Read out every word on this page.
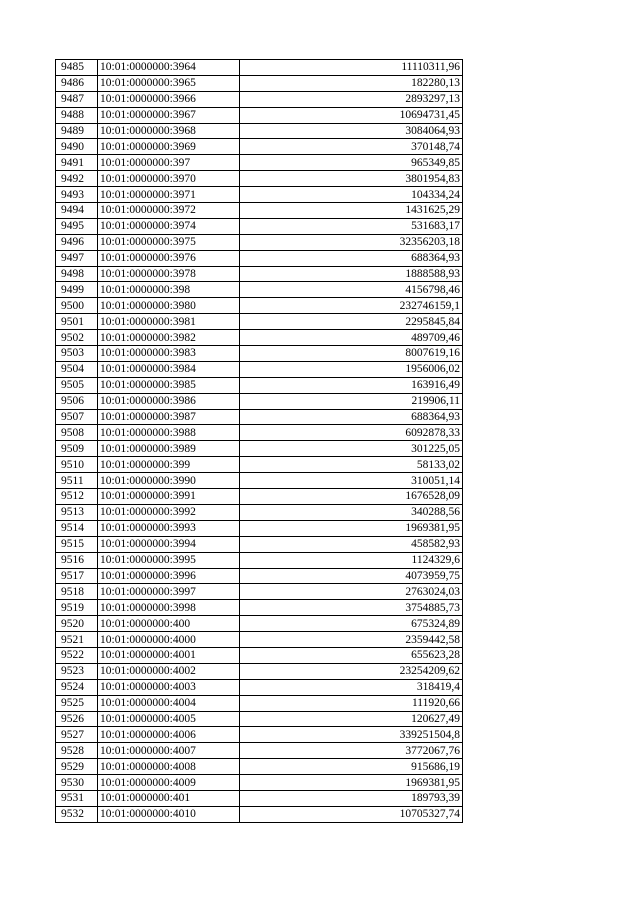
9485	10:01:0000000:3964	11110311,96
9486	10:01:0000000:3965	182280,13
9487	10:01:0000000:3966	2893297,13
9488	10:01:0000000:3967	10694731,45
9489	10:01:0000000:3968	3084064,93
9490	10:01:0000000:3969	370148,74
9491	10:01:0000000:397	965349,85
9492	10:01:0000000:3970	3801954,83
9493	10:01:0000000:3971	104334,24
9494	10:01:0000000:3972	1431625,29
9495	10:01:0000000:3974	531683,17
9496	10:01:0000000:3975	32356203,18
9497	10:01:0000000:3976	688364,93
9498	10:01:0000000:3978	1888588,93
9499	10:01:0000000:398	4156798,46
9500	10:01:0000000:3980	232746159,1
9501	10:01:0000000:3981	2295845,84
9502	10:01:0000000:3982	489709,46
9503	10:01:0000000:3983	8007619,16
9504	10:01:0000000:3984	1956006,02
9505	10:01:0000000:3985	163916,49
9506	10:01:0000000:3986	219906,11
9507	10:01:0000000:3987	688364,93
9508	10:01:0000000:3988	6092878,33
9509	10:01:0000000:3989	301225,05
9510	10:01:0000000:399	58133,02
9511	10:01:0000000:3990	310051,14
9512	10:01:0000000:3991	1676528,09
9513	10:01:0000000:3992	340288,56
9514	10:01:0000000:3993	1969381,95
9515	10:01:0000000:3994	458582,93
9516	10:01:0000000:3995	1124329,6
9517	10:01:0000000:3996	4073959,75
9518	10:01:0000000:3997	2763024,03
9519	10:01:0000000:3998	3754885,73
9520	10:01:0000000:400	675324,89
9521	10:01:0000000:4000	2359442,58
9522	10:01:0000000:4001	655623,28
9523	10:01:0000000:4002	23254209,62
9524	10:01:0000000:4003	318419,4
9525	10:01:0000000:4004	111920,66
9526	10:01:0000000:4005	120627,49
9527	10:01:0000000:4006	339251504,8
9528	10:01:0000000:4007	3772067,76
9529	10:01:0000000:4008	915686,19
9530	10:01:0000000:4009	1969381,95
9531	10:01:0000000:401	189793,39
9532	10:01:0000000:4010	10705327,74
